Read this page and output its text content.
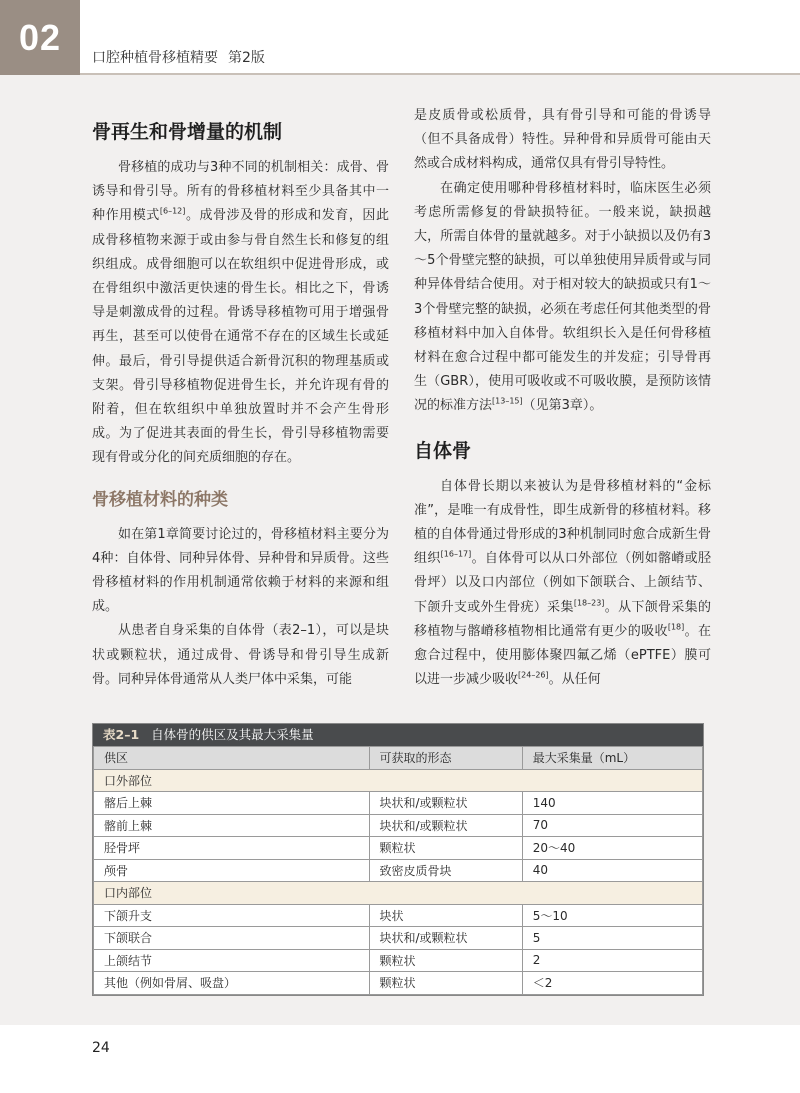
02	口腔种植骨移植精要 第2版
骨再生和骨增量的机制

骨移植的成功与3种不同的机制相关：成骨、骨诱导和骨引导。所有的骨移植材料至少具备其中一种作用模式[6–12]。成骨涉及骨的形成和发育，因此成骨移植物来源于或由参与骨自然生长和修复的组织组成。成骨细胞可以在软组织中促进骨形成，或在骨组织中激活更快速的骨生长。相比之下，骨诱导是刺激成骨的过程。骨诱导移植物可用于增强骨再生，甚至可以使骨在通常不存在的区域生长或延伸。最后，骨引导提供适合新骨沉积的物理基质或支架。骨引导移植物促进骨生长，并允许现有骨的附着，但在软组织中单独放置时并不会产生骨形成。为了促进其表面的骨生长，骨引导移植物需要现有骨或分化的间充质细胞的存在。

骨移植材料的种类

如在第1章简要讨论过的，骨移植材料主要分为4种：自体骨、同种异体骨、异种骨和异质骨。这些骨移植材料的作用机制通常依赖于材料的来源和组成。

从患者自身采集的自体骨（表2–1），可以是块状或颗粒状，通过成骨、骨诱导和骨引导生成新骨。同种异体骨通常从人类尸体中采集，可能

是皮质骨或松质骨，具有骨引导和可能的骨诱导（但不具备成骨）特性。异种骨和异质骨可能由天然或合成材料构成，通常仅具有骨引导特性。

在确定使用哪种骨移植材料时，临床医生必须考虑所需修复的骨缺损特征。一般来说，缺损越大，所需自体骨的量就越多。对于小缺损以及仍有3～5个骨壁完整的缺损，可以单独使用异质骨或与同种异体骨结合使用。对于相对较大的缺损或只有1～3个骨壁完整的缺损，必须在考虑任何其他类型的骨移植材料中加入自体骨。软组织长入是任何骨移植材料在愈合过程中都可能发生的并发症；引导骨再生（GBR），使用可吸收或不可吸收膜，是预防该情况的标准方法[13–15]（见第3章）。

自体骨

自体骨长期以来被认为是骨移植材料的“金标准”，是唯一有成骨性，即生成新骨的移植材料。移植的自体骨通过骨形成的3种机制同时愈合成新生骨组织[16–17]。自体骨可以从口外部位（例如髂嵴或胫骨坪）以及口内部位（例如下颌联合、上颌结节、下颌升支或外生骨疣）采集[18–23]。从下颌骨采集的移植物与髂嵴移植物相比通常有更少的吸收[18]。在愈合过程中，使用膨体聚四氟乙烯（ePTFE）膜可以进一步减少吸收[24–26]。从任何

表2–1 自体骨的供区及其最大采集量
供区	可获取的形态	最大采集量（mL）
口外部位		
髂后上棘	块状和/或颗粒状	140
髂前上棘	块状和/或颗粒状	70
胫骨坪	颗粒状	20～40
颅骨	致密皮质骨块	40
口内部位		
下颌升支	块状	5～10
下颌联合	块状和/或颗粒状	5
上颌结节	颗粒状	2
其他（例如骨屑、吸盘）	颗粒状	＜2
24
